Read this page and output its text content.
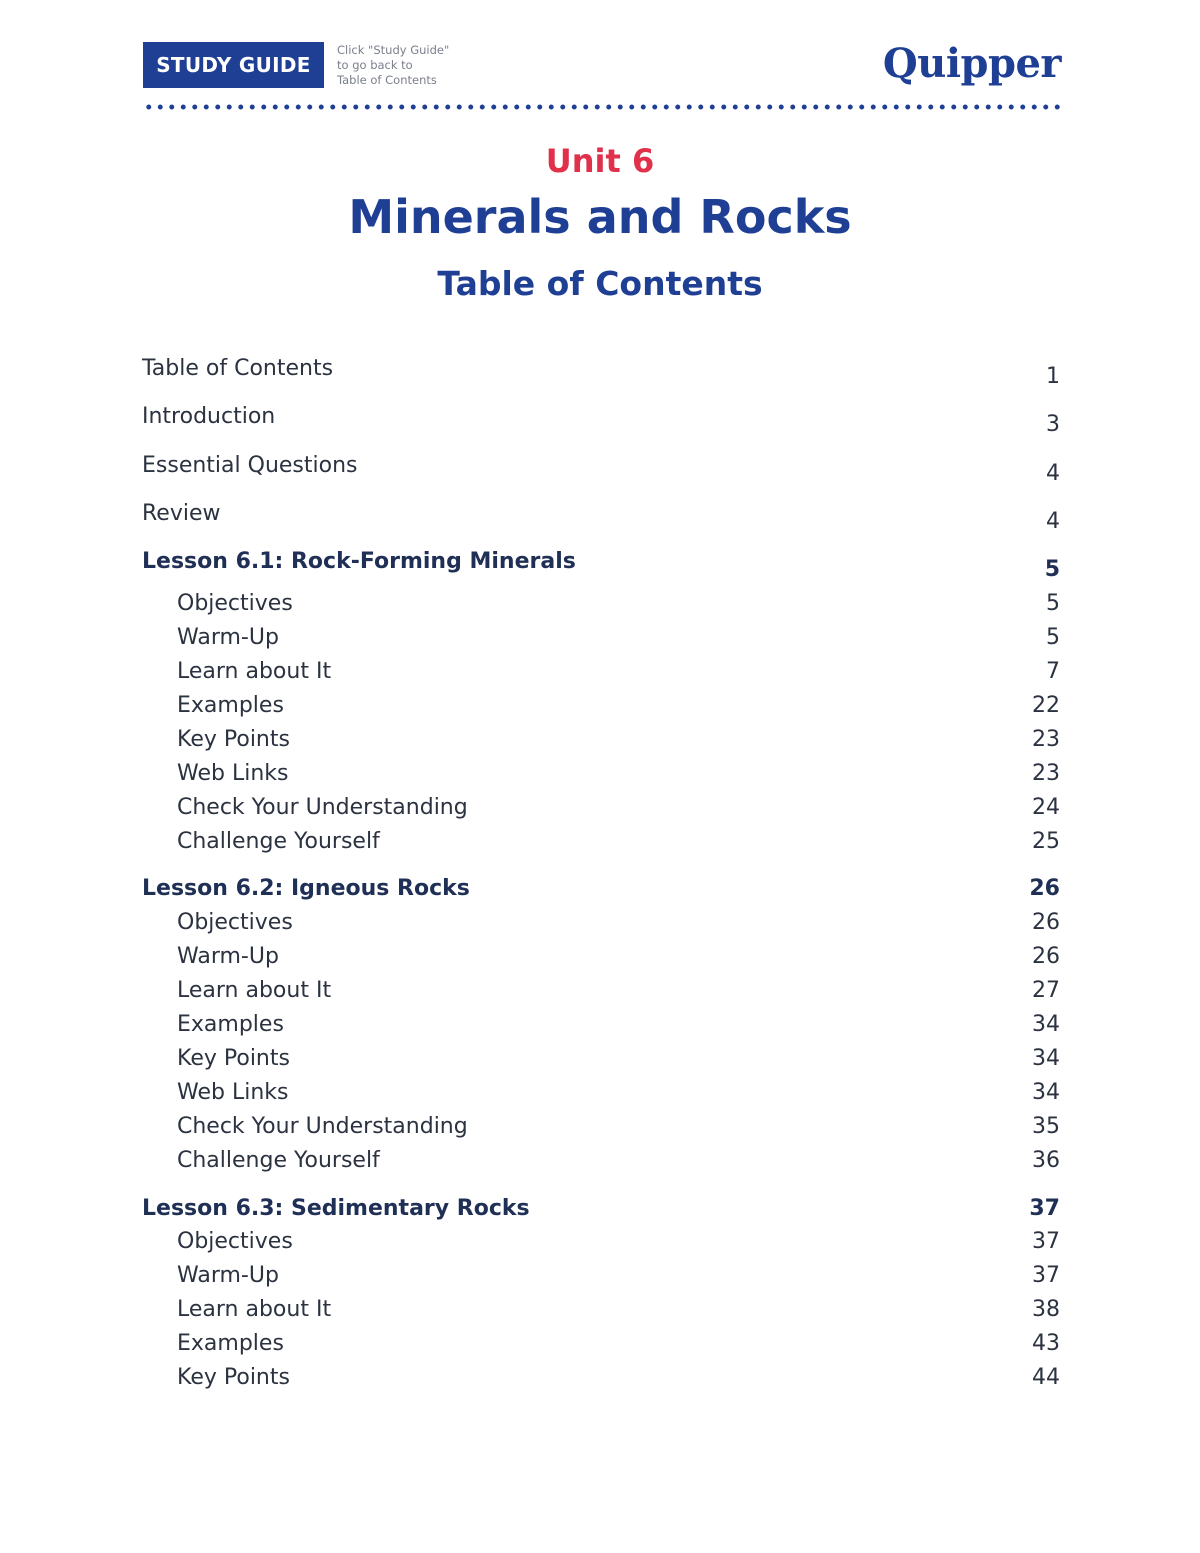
STUDY GUIDE
Click "Study Guide"
to go back to
Table of Contents	Quipper
Unit 6
Minerals and Rocks
Table of Contents
Table of Contents	1
Introduction	3
Essential Questions	4
Review	4
Lesson 6.1: Rock-Forming Minerals	5
Objectives	5
Warm-Up	5
Learn about It	7
Examples	22
Key Points	23
Web Links	23
Check Your Understanding	24
Challenge Yourself	25
Lesson 6.2: Igneous Rocks	26
Objectives	26
Warm-Up	26
Learn about It	27
Examples	34
Key Points	34
Web Links	34
Check Your Understanding	35
Challenge Yourself	36
Lesson 6.3: Sedimentary Rocks	37
Objectives	37
Warm-Up	37
Learn about It	38
Examples	43
Key Points	44
